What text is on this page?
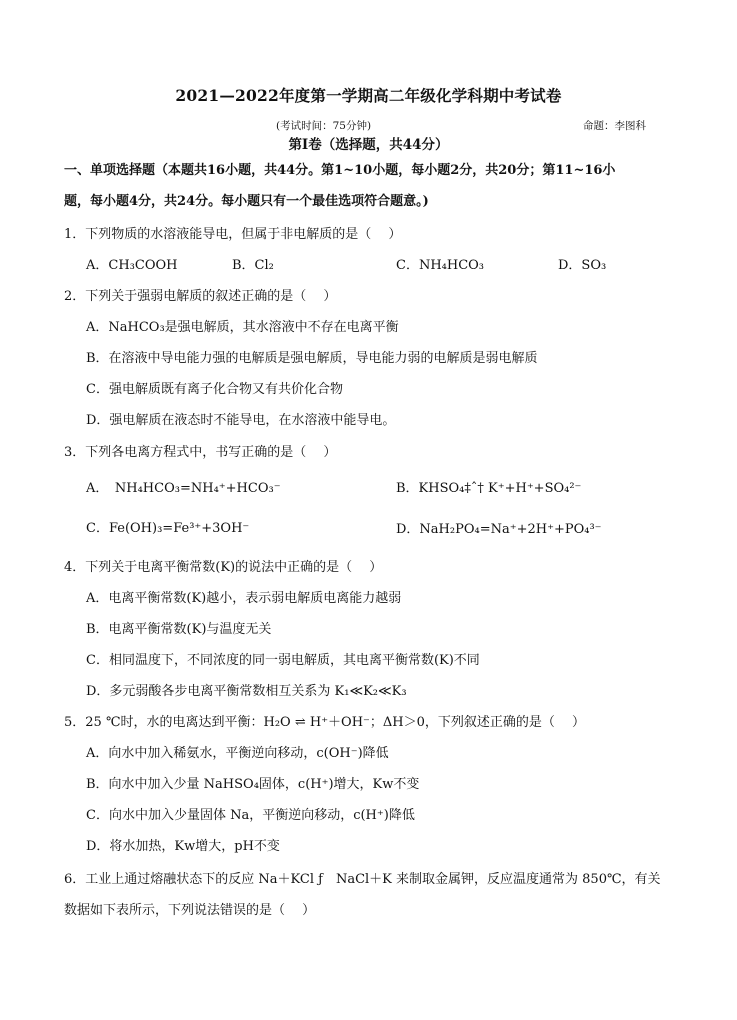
2021—2022年度第一学期高二年级化学科期中考试卷
(考试时间：75分钟)	命题：李图科
第Ⅰ卷（选择题，共44分）
一、单项选择题（本题共16小题，共44分。第1~10小题，每小题2分，共20分；第11~16小
题，每小题4分，共24分。每小题只有一个最佳选项符合题意。)
1．下列物质的水溶液能导电，但属于非电解质的是（　 ）
A．CH₃COOH	B．Cl₂	C．NH₄HCO₃	D．SO₃
2．下列关于强弱电解质的叙述正确的是（　 ）
A．NaHCO₃是强电解质，其水溶液中不存在电离平衡
B．在溶液中导电能力强的电解质是强电解质，导电能力弱的电解质是弱电解质
C．强电解质既有离子化合物又有共价化合物
D．强电解质在液态时不能导电，在水溶液中能导电。
3．下列各电离方程式中，书写正确的是（　 ）
A．　NH₄HCO₃=NH₄⁺+HCO₃⁻	B．KHSO₄‡ˆ† K⁺+H⁺+SO₄²⁻
C．Fe(OH)₃=Fe³⁺+3OH⁻	D．NaH₂PO₄=Na⁺+2H⁺+PO₄³⁻
4．下列关于电离平衡常数(K)的说法中正确的是（　 ）
A．电离平衡常数(K)越小，表示弱电解质电离能力越弱
B．电离平衡常数(K)与温度无关
C．相同温度下，不同浓度的同一弱电解质，其电离平衡常数(K)不同
D．多元弱酸各步电离平衡常数相互关系为 K₁≪K₂≪K₃
5．25 ℃时，水的电离达到平衡：H₂O ⇌ H⁺＋OH⁻；ΔH＞0，下列叙述正确的是（　 ）
A．向水中加入稀氨水，平衡逆向移动，c(OH⁻)降低
B．向水中加入少量 NaHSO₄固体，c(H⁺)增大，Kw不变
C．向水中加入少量固体 Na，平衡逆向移动，c(H⁺)降低
D．将水加热，Kw增大，pH不变
6．工业上通过熔融状态下的反应 Na＋KCl ƒ　NaCl＋K 来制取金属钾，反应温度通常为 850℃，有关
数据如下表所示，下列说法错误的是（　 ）
